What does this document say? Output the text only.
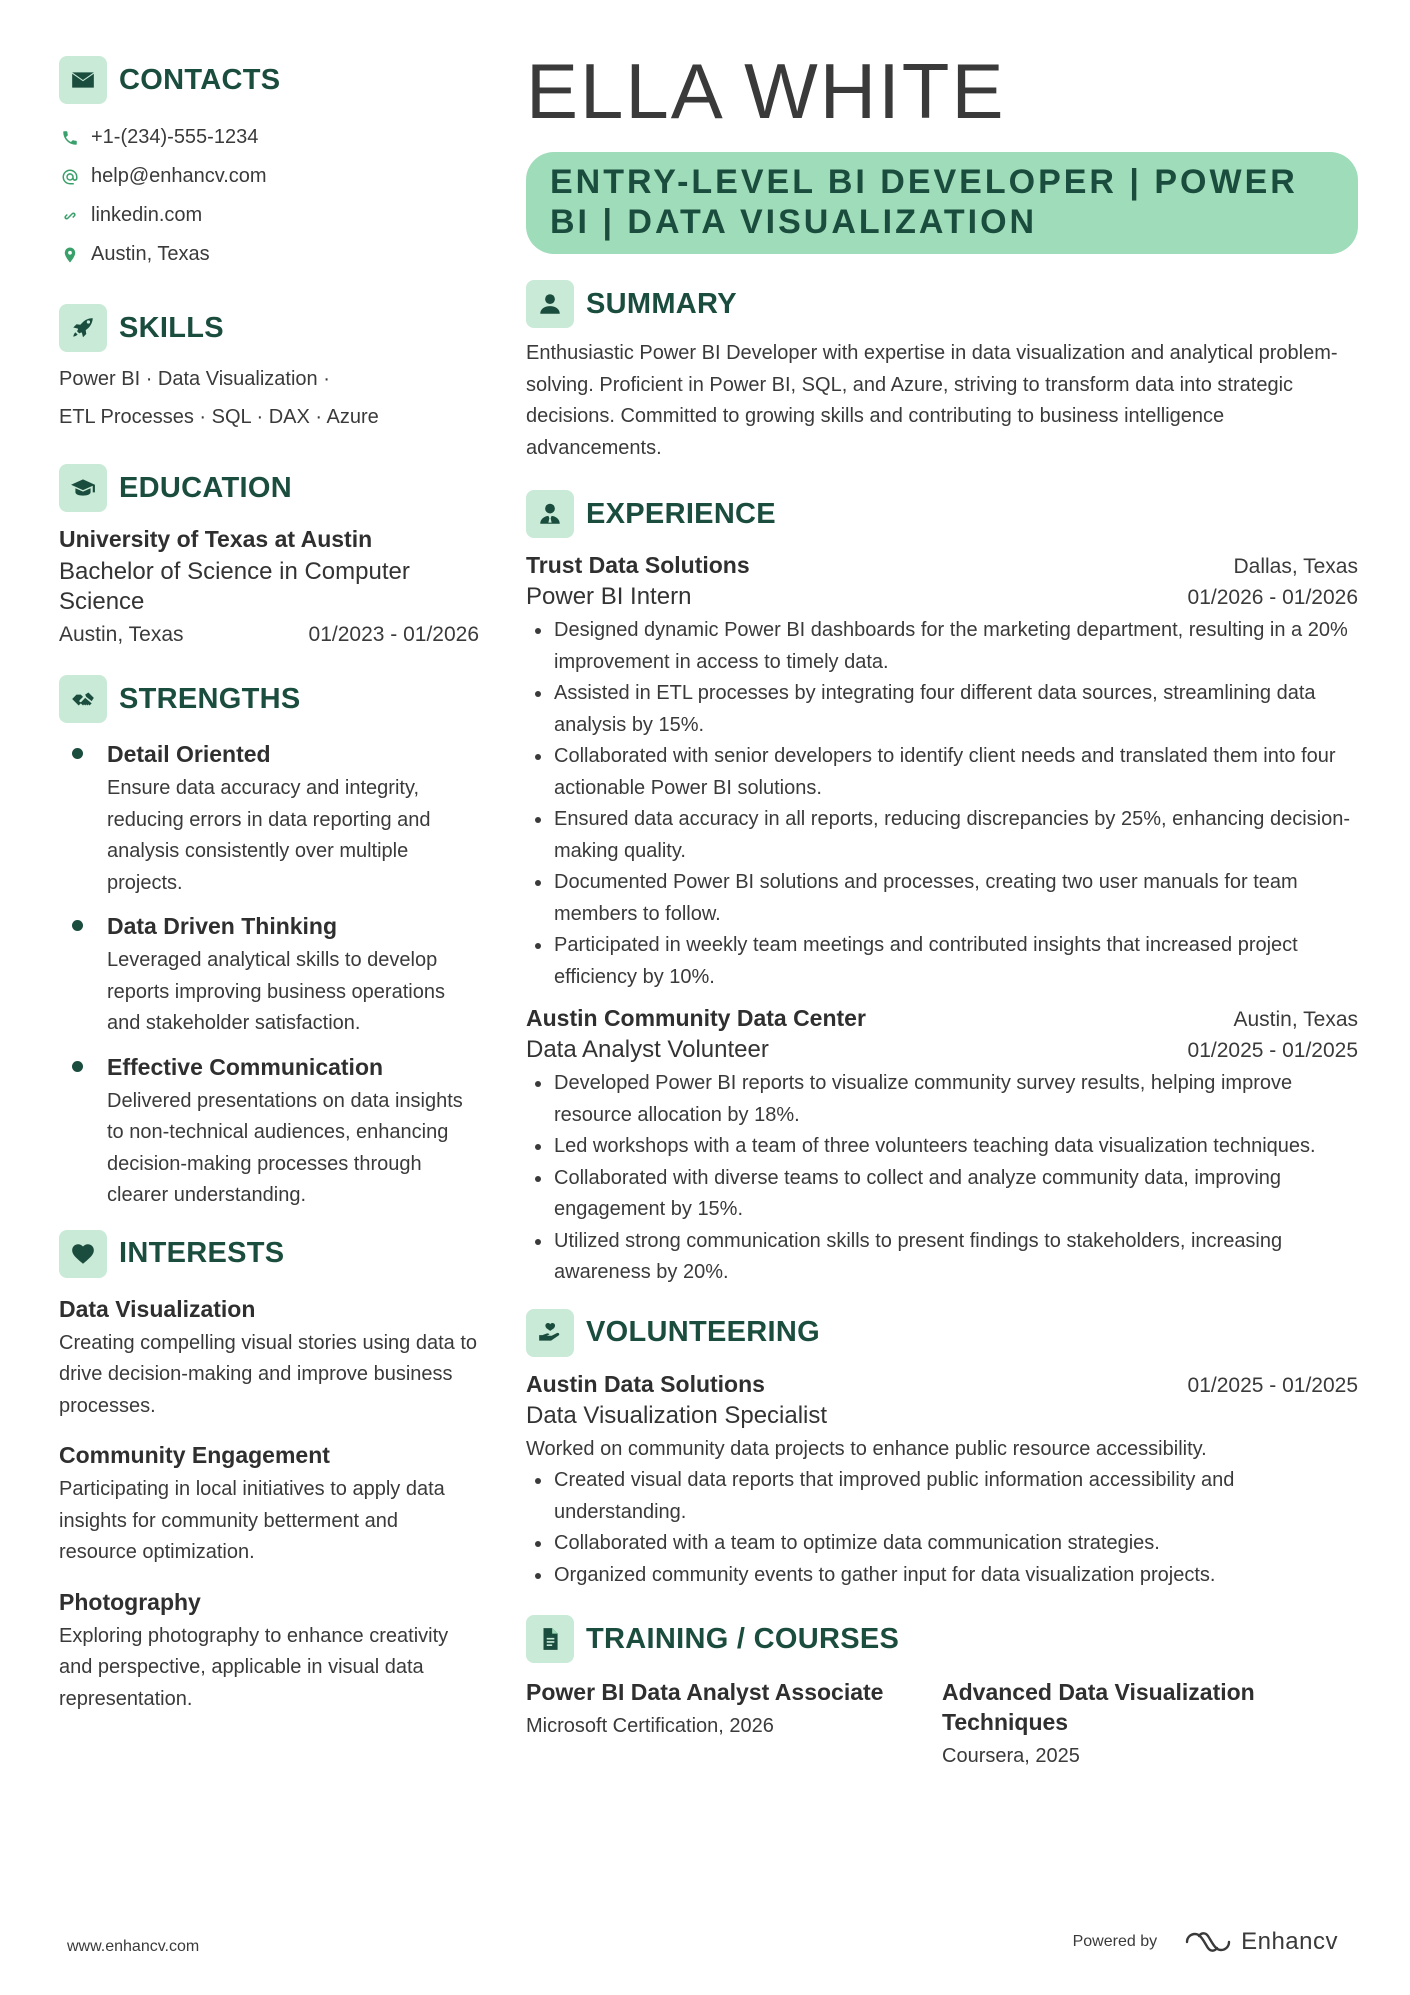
CONTACTS
+1-(234)-555-1234
help@enhancv.com
linkedin.com
Austin, Texas
SKILLS
Power BI · Data Visualization ·
ETL Processes · SQL · DAX · Azure
EDUCATION
University of Texas at Austin
Bachelor of Science in Computer Science
Austin, Texas	01/2023 - 01/2026
STRENGTHS
Detail Oriented
Ensure data accuracy and integrity, reducing errors in data reporting and analysis consistently over multiple projects.
Data Driven Thinking
Leveraged analytical skills to develop reports improving business operations and stakeholder satisfaction.
Effective Communication
Delivered presentations on data insights to non-technical audiences, enhancing decision-making processes through clearer understanding.
INTERESTS
Data Visualization
Creating compelling visual stories using data to drive decision-making and improve business processes.
Community Engagement
Participating in local initiatives to apply data insights for community betterment and resource optimization.
Photography
Exploring photography to enhance creativity and perspective, applicable in visual data representation.
ELLA WHITE
ENTRY-LEVEL BI DEVELOPER | POWER BI | DATA VISUALIZATION
SUMMARY
Enthusiastic Power BI Developer with expertise in data visualization and analytical problem-solving. Proficient in Power BI, SQL, and Azure, striving to transform data into strategic decisions. Committed to growing skills and contributing to business intelligence advancements.
EXPERIENCE
Trust Data Solutions	Dallas, Texas
Power BI Intern	01/2026 - 01/2026
Designed dynamic Power BI dashboards for the marketing department, resulting in a 20% improvement in access to timely data.
Assisted in ETL processes by integrating four different data sources, streamlining data analysis by 15%.
Collaborated with senior developers to identify client needs and translated them into four actionable Power BI solutions.
Ensured data accuracy in all reports, reducing discrepancies by 25%, enhancing decision-making quality.
Documented Power BI solutions and processes, creating two user manuals for team members to follow.
Participated in weekly team meetings and contributed insights that increased project efficiency by 10%.
Austin Community Data Center	Austin, Texas
Data Analyst Volunteer	01/2025 - 01/2025
Developed Power BI reports to visualize community survey results, helping improve resource allocation by 18%.
Led workshops with a team of three volunteers teaching data visualization techniques.
Collaborated with diverse teams to collect and analyze community data, improving engagement by 15%.
Utilized strong communication skills to present findings to stakeholders, increasing awareness by 20%.
VOLUNTEERING
Austin Data Solutions	01/2025 - 01/2025
Data Visualization Specialist
Worked on community data projects to enhance public resource accessibility.
Created visual data reports that improved public information accessibility and understanding.
Collaborated with a team to optimize data communication strategies.
Organized community events to gather input for data visualization projects.
TRAINING / COURSES
Power BI Data Analyst Associate
Microsoft Certification, 2026
Advanced Data Visualization Techniques
Coursera, 2025
www.enhancv.com	Powered by	Enhancv
